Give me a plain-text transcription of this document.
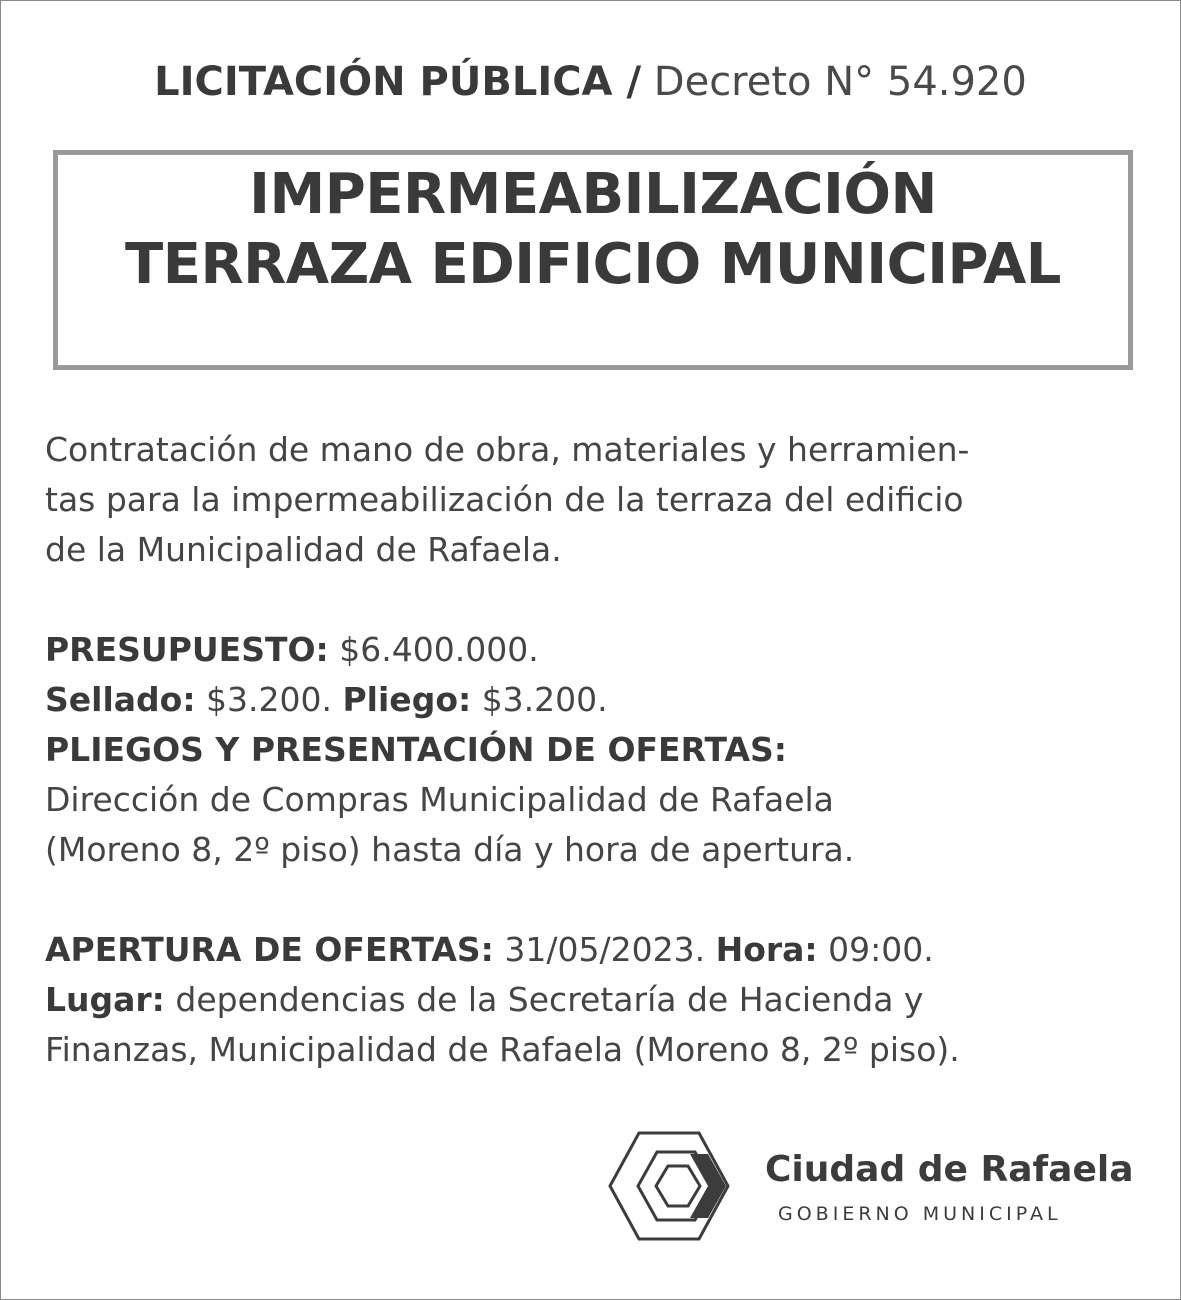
LICITACIÓN PÚBLICA / Decreto N° 54.920
IMPERMEABILIZACIÓN
TERRAZA EDIFICIO MUNICIPAL

Contratación de mano de obra, materiales y herramien-

tas para la impermeabilización de la terraza del edificio

de la Municipalidad de Rafaela.

PRESUPUESTO: $6.400.000.

Sellado: $3.200. Pliego: $3.200.

PLIEGOS Y PRESENTACIÓN DE OFERTAS:

Dirección de Compras Municipalidad de Rafaela

(Moreno 8, 2º piso) hasta día y hora de apertura.

APERTURA DE OFERTAS: 31/05/2023. Hora: 09:00.

Lugar: dependencias de la Secretaría de Hacienda y

Finanzas, Municipalidad de Rafaela (Moreno 8, 2º piso).

Ciudad de Rafaela
GOBIERNO MUNICIPAL
